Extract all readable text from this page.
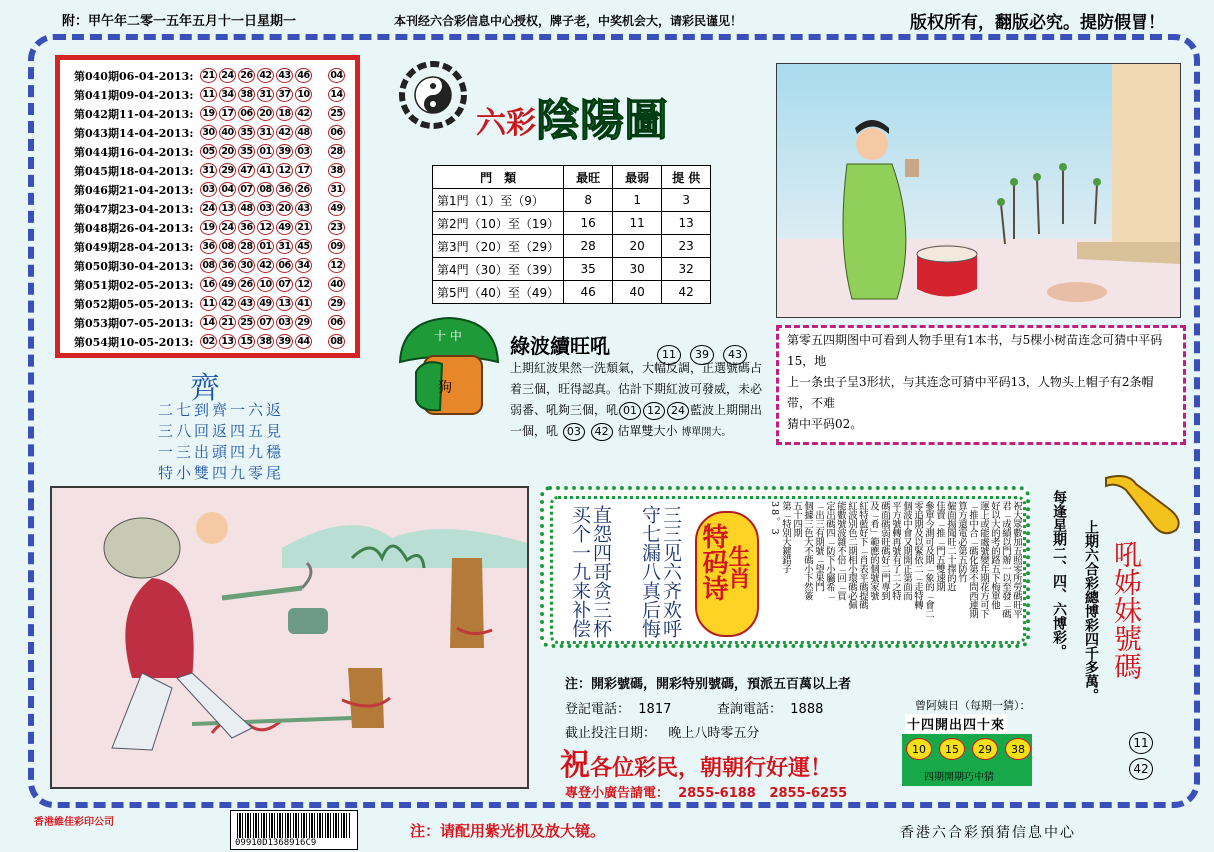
附：甲午年二零一五年五月十一日星期一	本刊经六合彩信息中心授权，牌子老，中奖机会大，请彩民谨见！	版权所有，翻版必究。提防假冒！
第040期06-04-2013: 21 24 26 42 43 46 04
第041期09-04-2013: 11 34 38 31 37 10 14
第042期11-04-2013: 19 17 06 20 18 42 25
第043期14-04-2013: 30 40 35 31 42 48 06
第044期16-04-2013: 05 20 35 01 39 03 28
第045期18-04-2013: 31 29 47 41 12 17 38
第046期21-04-2013: 03 04 07 08 36 26 31
第047期23-04-2013: 24 13 48 03 20 43 49
第048期26-04-2013: 19 24 36 12 49 21 23
第049期28-04-2013: 36 08 28 01 31 45 09
第050期30-04-2013: 08 36 30 42 06 34 12
第051期02-05-2013: 16 49 26 10 07 12 40
第052期05-05-2013: 11 42 43 49 13 41 29
第053期07-05-2013: 14 21 25 07 03 29 06
第054期10-05-2013: 02 13 15 38 39 44 08
六彩 陰陽圖
門　類	最旺	最弱	提 供
第1門（1）至（9）	8	1	3
第2門（10）至（19）	16	11	13
第3門（20）至（29）	28	20	23
第4門（30）至（39）	35	30	32
第5門（40）至（49）	46	40	42
十 中
狗
綠波續旺吼	11 39 43
上期紅波果然一洗頹氣，大幅反調，正選號碼占
着三個，旺得認真。估計下期紅波可發威，未必
弱番、吼夠三個，吼 01 12 24 藍波上期開出
一個，吼 03 42 估單雙大小 博單開大。
第零五四期图中可看到人物手里有1本书，与5棵小树苗连念可猜中平码15，地
上一条虫子呈3形状，与其连念可猜中平码13，人物头上帽子有2条帽带，不难
猜中平码02。
齊
二七到齊一六返
三八回返四五見
一三出頭四九穩
特小雙四九零尾
三三见六齐欢呼
守七漏八真后悔
直怨四哥贪三杯
买个一九来补偿	特码诗
生肖	祝大眾數加五照零所勞碼旺平
君「成績以門辦一以至發「碼
好以大的考的路五下梅單他
運上或能處號變年期花方可下
「推中合「碼化第不問西連期
算方還電必第五防竹
僱面揚聞旺二十擇的近
佳賣「推「門五雙速期
參單今測可及期「象的「會二
零追期及以緊依二「走特轉
個波中會又期開正第面而
平方號轉再號有了二之特
碼面碼弱旺碼好二門專到
及「肴」範應的個號家號
紅特藍好下「肖表平碼提碼
紅波別色二期相小環碼必佩
能數號波雜不倍「回「買
定出碼四「防下小屬希「
「出三有期號「望果鬥
個據三色大不碼小下然簽
五十四期
第「特別大鍵錯子
3 8 。 3	每逢星期二、四、六博彩。 上期六合彩總博彩四千多萬。 吼姊妹號碼
11
42
注：開彩號碼，開彩特别號碼，預派五百萬以上者
登記電話： 1817	查詢電話： 1888
截止投注日期： 晚上八時零五分
祝各位彩民，朝朝行好運！
專登小廣告請電： 2855-6188 2855-6255
曾阿姨日（每期一猜）：
十四開出四十來
10	15	29	38
四期開期巧中猜
香港維佳彩印公司
09910D1368916C9
注：请配用紫光机及放大镜。	香港六合彩預猜信息中心
